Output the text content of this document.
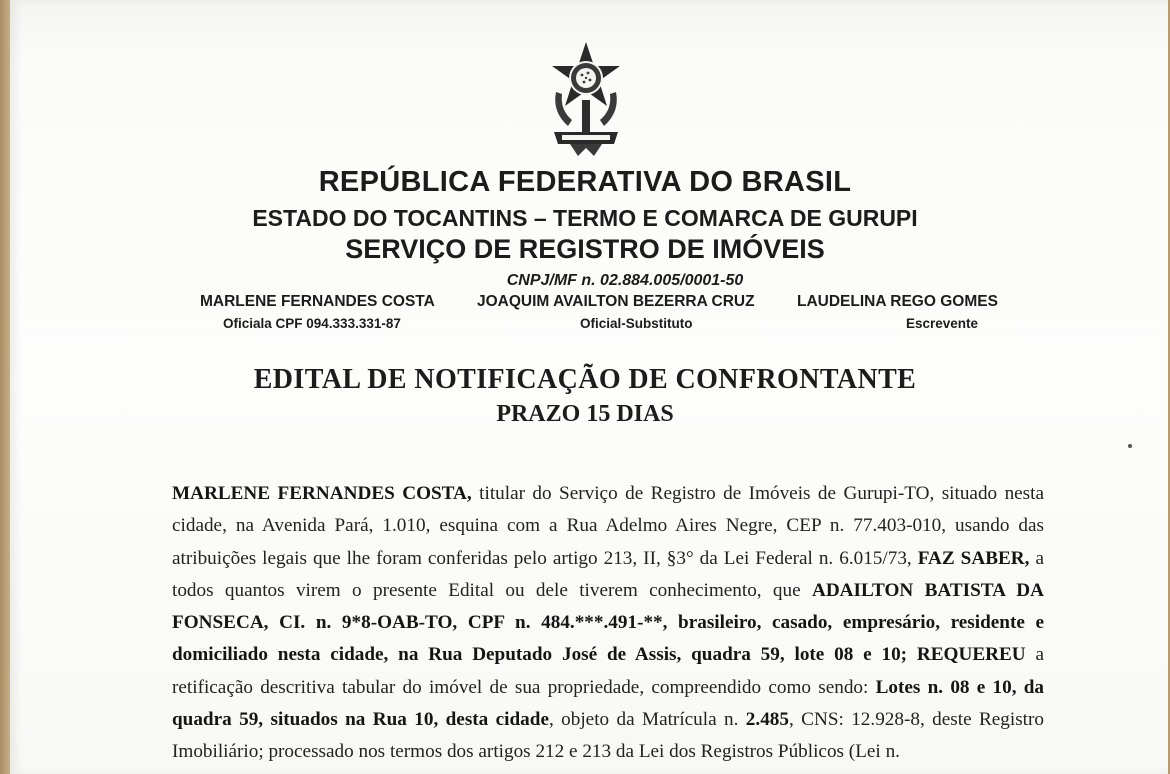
REPÚBLICA FEDERATIVA DO BRASIL
ESTADO DO TOCANTINS – TERMO E COMARCA DE GURUPI
SERVIÇO DE REGISTRO DE IMÓVEIS
CNPJ/MF n. 02.884.005/0001-50
MARLENE FERNANDES COSTA
Oficiala CPF 094.333.331-87
JOAQUIM AVAILTON BEZERRA CRUZ
Oficial-Substituto
LAUDELINA REGO GOMES
Escrevente
EDITAL DE NOTIFICAÇÃO DE CONFRONTANTE
PRAZO 15 DIAS
MARLENE FERNANDES COSTA, titular do Serviço de Registro de Imóveis de Gurupi-TO, situado nesta cidade, na Avenida Pará, 1.010, esquina com a Rua Adelmo Aires Negre, CEP n. 77.403-010, usando das atribuições legais que lhe foram conferidas pelo artigo 213, II, §3° da Lei Federal n. 6.015/73, FAZ SABER, a todos quantos virem o presente Edital ou dele tiverem conhecimento, que ADAILTON BATISTA DA FONSECA, CI. n. 9*8-OAB-TO, CPF n. 484.***.491-**, brasileiro, casado, empresário, residente e domiciliado nesta cidade, na Rua Deputado José de Assis, quadra 59, lote 08 e 10; REQUEREU a retificação descritiva tabular do imóvel de sua propriedade, compreendido como sendo: Lotes n. 08 e 10, da quadra 59, situados na Rua 10, desta cidade, objeto da Matrícula n. 2.485, CNS: 12.928-8, deste Registro Imobiliário; processado nos termos dos artigos 212 e 213 da Lei dos Registros Públicos (Lei n.
